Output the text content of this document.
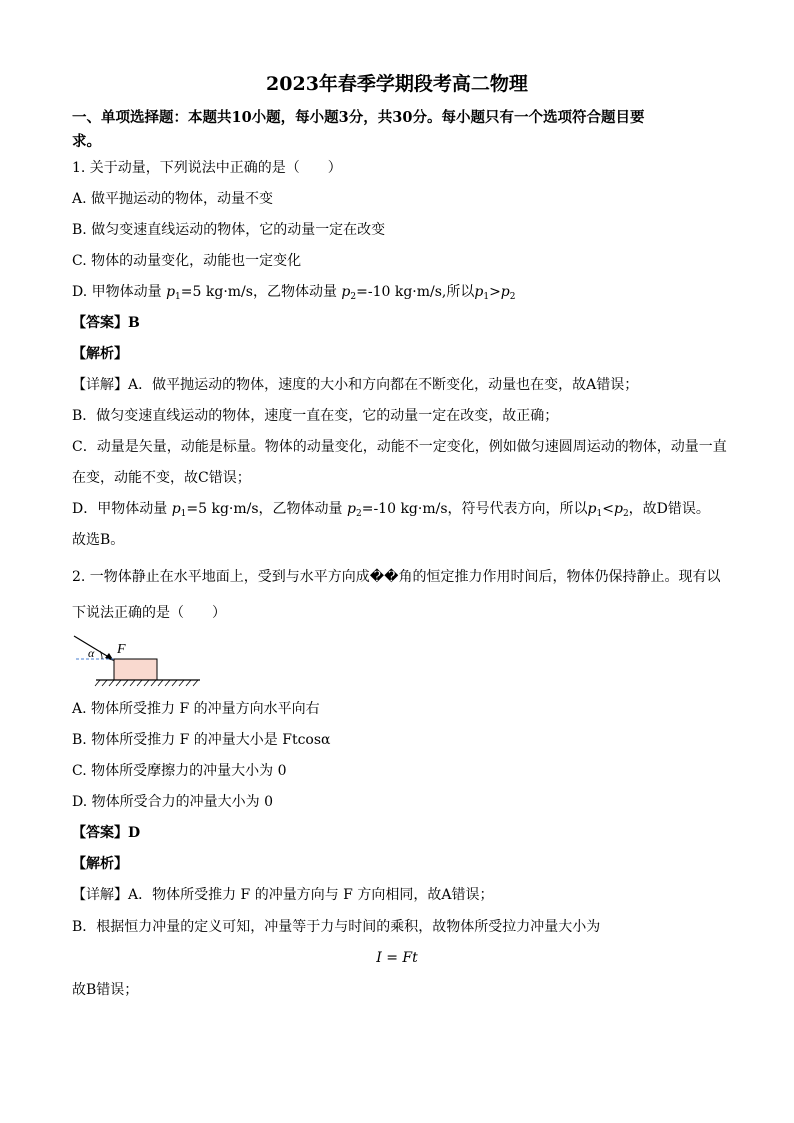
2023年春季学期段考高二物理
一、单项选择题：本题共10小题，每小题3分，共30分。每小题只有一个选项符合题目要
求。
1. 关于动量，下列说法中正确的是（　　）
A. 做平抛运动的物体，动量不变
B. 做匀变速直线运动的物体，它的动量一定在改变
C. 物体的动量变化，动能也一定变化
D. 甲物体动量 $p_1=5$ kg·m/s，乙物体动量 $p_2=-10$ kg·m/s,所以$p_1>p_2$
【答案】B
【解析】
【详解】A．做平抛运动的物体，速度的大小和方向都在不断变化，动量也在变，故A错误；
B．做匀变速直线运动的物体，速度一直在变，它的动量一定在改变，故正确；
C．动量是矢量，动能是标量。物体的动量变化，动能不一定变化，例如做匀速圆周运动的物体，动量一直
在变，动能不变，故C错误；
D．甲物体动量 $p_1=5$ kg·m/s，乙物体动量 $p_2=-10$ kg·m/s，符号代表方向，所以$p_1<p_2$，故D错误。
故选B。
2. 一物体静止在水平地面上，受到与水平方向成��角的恒定推力作用时间后，物体仍保持静止。现有以
下说法正确的是（　　）
α F
A. 物体所受推力 F 的冲量方向水平向右
B. 物体所受推力 F 的冲量大小是 Ftcosα
C. 物体所受摩擦力的冲量大小为 0
D. 物体所受合力的冲量大小为 0
【答案】D
【解析】
【详解】A．物体所受推力 F 的冲量方向与 F 方向相同，故A错误；
B．根据恒力冲量的定义可知，冲量等于力与时间的乘积，故物体所受拉力冲量大小为
I = Ft
故B错误；
